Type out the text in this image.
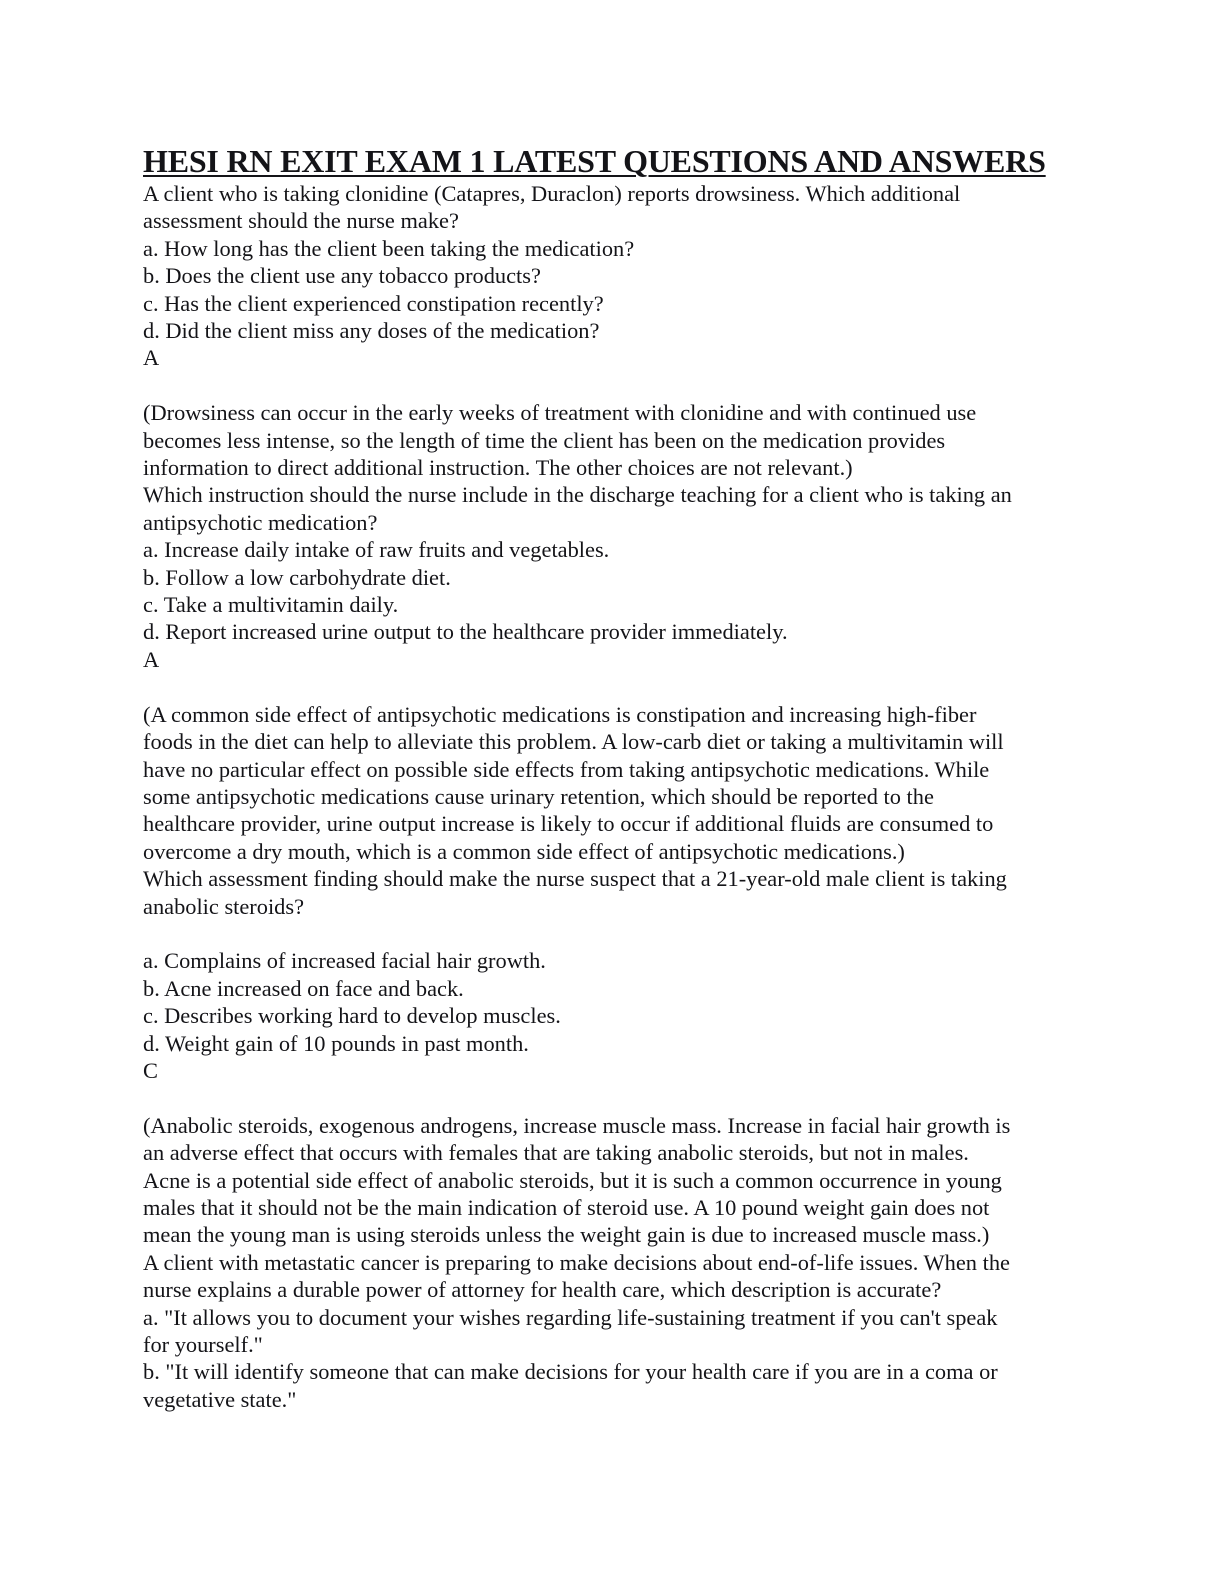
HESI RN EXIT EXAM 1 LATEST QUESTIONS AND ANSWERS
A client who is taking clonidine (Catapres, Duraclon) reports drowsiness. Which additional
assessment should the nurse make?
a. How long has the client been taking the medication?
b. Does the client use any tobacco products?
c. Has the client experienced constipation recently?
d. Did the client miss any doses of the medication?
A
(Drowsiness can occur in the early weeks of treatment with clonidine and with continued use
becomes less intense, so the length of time the client has been on the medication provides
information to direct additional instruction. The other choices are not relevant.)
Which instruction should the nurse include in the discharge teaching for a client who is taking an
antipsychotic medication?
a. Increase daily intake of raw fruits and vegetables.
b. Follow a low carbohydrate diet.
c. Take a multivitamin daily.
d. Report increased urine output to the healthcare provider immediately.
A
(A common side effect of antipsychotic medications is constipation and increasing high-fiber
foods in the diet can help to alleviate this problem. A low-carb diet or taking a multivitamin will
have no particular effect on possible side effects from taking antipsychotic medications. While
some antipsychotic medications cause urinary retention, which should be reported to the
healthcare provider, urine output increase is likely to occur if additional fluids are consumed to
overcome a dry mouth, which is a common side effect of antipsychotic medications.)
Which assessment finding should make the nurse suspect that a 21-year-old male client is taking
anabolic steroids?
a. Complains of increased facial hair growth.
b. Acne increased on face and back.
c. Describes working hard to develop muscles.
d. Weight gain of 10 pounds in past month.
C
(Anabolic steroids, exogenous androgens, increase muscle mass. Increase in facial hair growth is
an adverse effect that occurs with females that are taking anabolic steroids, but not in males.
Acne is a potential side effect of anabolic steroids, but it is such a common occurrence in young
males that it should not be the main indication of steroid use. A 10 pound weight gain does not
mean the young man is using steroids unless the weight gain is due to increased muscle mass.)
A client with metastatic cancer is preparing to make decisions about end-of-life issues. When the
nurse explains a durable power of attorney for health care, which description is accurate?
a. "It allows you to document your wishes regarding life-sustaining treatment if you can't speak
for yourself."
b. "It will identify someone that can make decisions for your health care if you are in a coma or
vegetative state."
